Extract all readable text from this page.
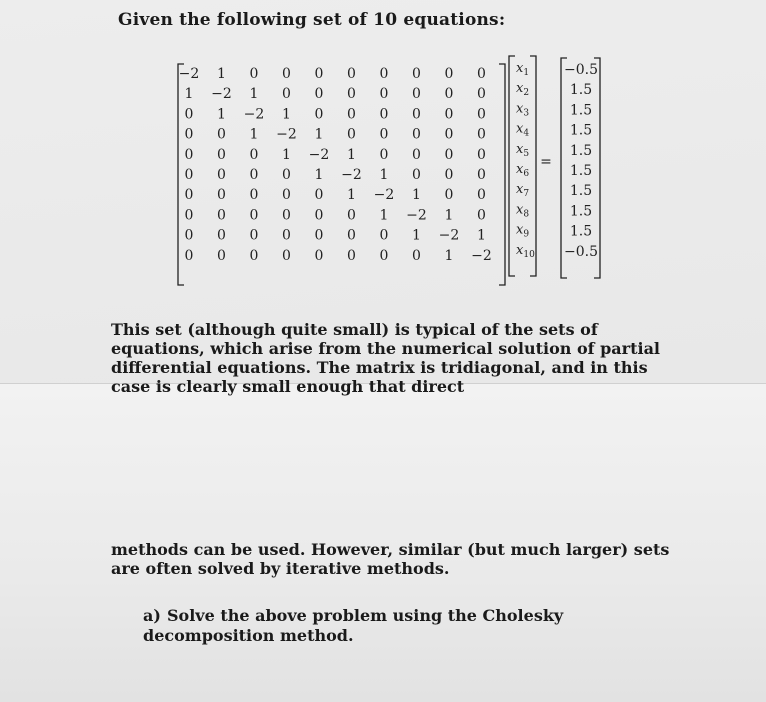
Given the following set of 10 equations:
−2 1 0 0 0 0 0 0 0 0
1 −2 1 0 0 0 0 0 0 0
0 1 −2 1 0 0 0 0 0 0
0 0 1 −2 1 0 0 0 0 0
0 0 0 1 −2 1 0 0 0 0
0 0 0 0 1 −2 1 0 0 0
0 0 0 0 0 1 −2 1 0 0
0 0 0 0 0 0 1 −2 1 0
0 0 0 0 0 0 0 1 −2 1
0 0 0 0 0 0 0 0 1 −2
$x_1$
$x_2$
$x_3$
$x_4$
$x_5$
$x_6$
$x_7$
$x_8$
$x_9$
$x_{10}$
=
−0.5
1.5
1.5
1.5
1.5
1.5
1.5
1.5
1.5
−0.5
This set (although quite small) is typical of the sets of equations, which arise from the numerical solution of partial differential equations. The matrix is tridiagonal, and in this case is clearly small enough that direct
methods can be used. However, similar (but much larger) sets are often solved by iterative methods.
a) Solve the above problem using the Cholesky decomposition method.
